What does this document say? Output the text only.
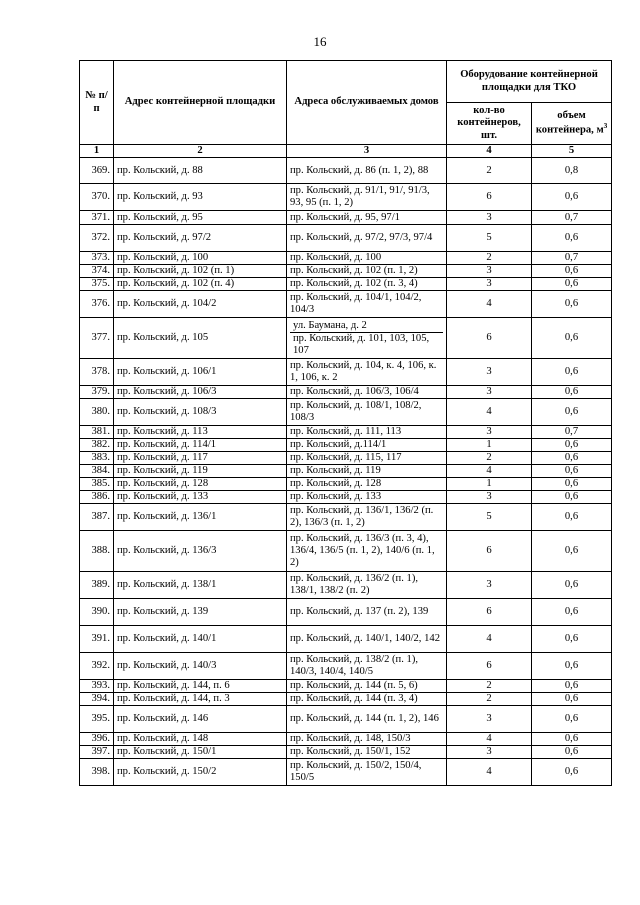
16
№ п/п	Адрес контейнерной площадки	Адреса обслуживаемых домов	Оборудование контейнерной площадки для ТКО	
			кол-во контейнеров, шт.	объем контейнера, $м^3$
1	2	3	4	5
369.	пр. Кольский, д. 88	пр. Кольский, д. 86 (п. 1, 2), 88	2	0,8
370.	пр. Кольский, д. 93	пр. Кольский, д. 91/1, 91/, 91/3, 93, 95 (п. 1, 2)	6	0,6
371.	пр. Кольский, д. 95	пр. Кольский, д. 95, 97/1	3	0,7
372.	пр. Кольский, д. 97/2	пр. Кольский, д. 97/2, 97/3, 97/4	5	0,6
373.	пр. Кольский, д. 100	пр. Кольский, д. 100	2	0,7
374.	пр. Кольский, д. 102 (п. 1)	пр. Кольский, д. 102 (п. 1, 2)	3	0,6
375.	пр. Кольский, д. 102 (п. 4)	пр. Кольский, д. 102 (п. 3, 4)	3	0,6
376.	пр. Кольский, д. 104/2	пр. Кольский, д. 104/1, 104/2, 104/3	4	0,6
377.	пр. Кольский, д. 105	ул. Баумана, д. 2
пр. Кольский, д. 101, 103, 105, 107	6	0,6
378.	пр. Кольский, д. 106/1	пр. Кольский, д. 104, к. 4, 106, к. 1, 106, к. 2	3	0,6
379.	пр. Кольский, д. 106/3	пр. Кольский, д. 106/3, 106/4	3	0,6
380.	пр. Кольский, д. 108/3	пр. Кольский, д. 108/1, 108/2, 108/3	4	0,6
381.	пр. Кольский, д. 113	пр. Кольский, д. 111, 113	3	0,7
382.	пр. Кольский, д. 114/1	пр. Кольский, д.114/1	1	0,6
383.	пр. Кольский, д. 117	пр. Кольский, д. 115, 117	2	0,6
384.	пр. Кольский, д. 119	пр. Кольский, д. 119	4	0,6
385.	пр. Кольский, д. 128	пр. Кольский, д. 128	1	0,6
386.	пр. Кольский, д. 133	пр. Кольский, д. 133	3	0,6
387.	пр. Кольский, д. 136/1	пр. Кольский, д. 136/1, 136/2 (п. 2), 136/3 (п. 1, 2)	5	0,6
388.	пр. Кольский, д. 136/3	пр. Кольский, д. 136/3 (п. 3, 4), 136/4, 136/5 (п. 1, 2), 140/6 (п. 1, 2)	6	0,6
389.	пр. Кольский, д. 138/1	пр. Кольский, д. 136/2 (п. 1), 138/1, 138/2 (п. 2)	3	0,6
390.	пр. Кольский, д. 139	пр. Кольский, д. 137 (п. 2), 139	6	0,6
391.	пр. Кольский, д. 140/1	пр. Кольский, д. 140/1, 140/2, 142	4	0,6
392.	пр. Кольский, д. 140/3	пр. Кольский, д. 138/2 (п. 1), 140/3, 140/4, 140/5	6	0,6
393.	пр. Кольский, д. 144, п. 6	пр. Кольский, д. 144 (п. 5, 6)	2	0,6
394.	пр. Кольский, д. 144, п. 3	пр. Кольский, д. 144 (п. 3, 4)	2	0,6
395.	пр. Кольский, д. 146	пр. Кольский, д. 144 (п. 1, 2), 146	3	0,6
396.	пр. Кольский, д. 148	пр. Кольский, д. 148, 150/3	4	0,6
397.	пр. Кольский, д. 150/1	пр. Кольский, д. 150/1, 152	3	0,6
398.	пр. Кольский, д. 150/2	пр. Кольский, д. 150/2, 150/4, 150/5	4	0,6
